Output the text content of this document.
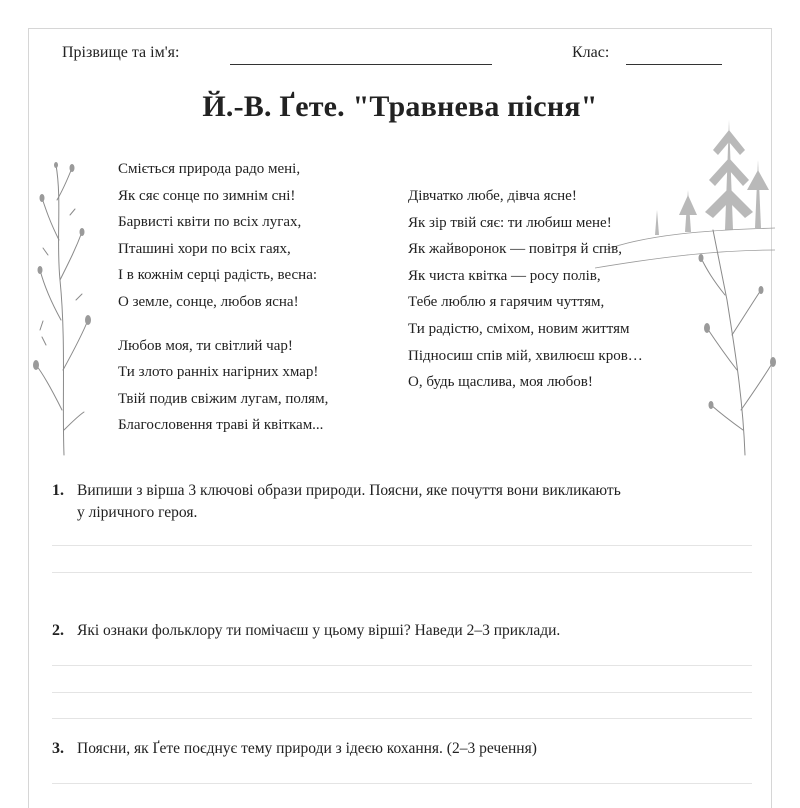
Прізвище та ім'я:	Клас:
Й.-В. Ґете. "Травнева пісня"
Сміється природа радо мені,
Як сяє сонце по зимнім сні!
Барвисті квіти по всіх лугах,
Пташині хори по всіх гаях,
І в кожнім серці радість, весна:
О земле, сонце, любов ясна!
Любов моя, ти світлий чар!
Ти злото ранніх нагірних хмар!
Твій подив свіжим лугам, полям,
Благословення траві й квіткам...
Дівчатко любе, дівча ясне!
Як зір твій сяє: ти любиш мене!
Як жайворонок — повітря й спів,
Як чиста квітка — росу полів,
Тебе люблю я гарячим чуттям,
Ти радістю, сміхом, новим життям
Підносиш спів мій, хвилюєш кров…
О, будь щаслива, моя любов!
1. Випиши з вірша 3 ключові образи природи. Поясни, яке почуття вони викликають
у ліричного героя.
2. Які ознаки фольклору ти помічаєш у цьому вірші? Наведи 2–3 приклади.
3. Поясни, як Ґете поєднує тему природи з ідеєю кохання. (2–3 речення)
